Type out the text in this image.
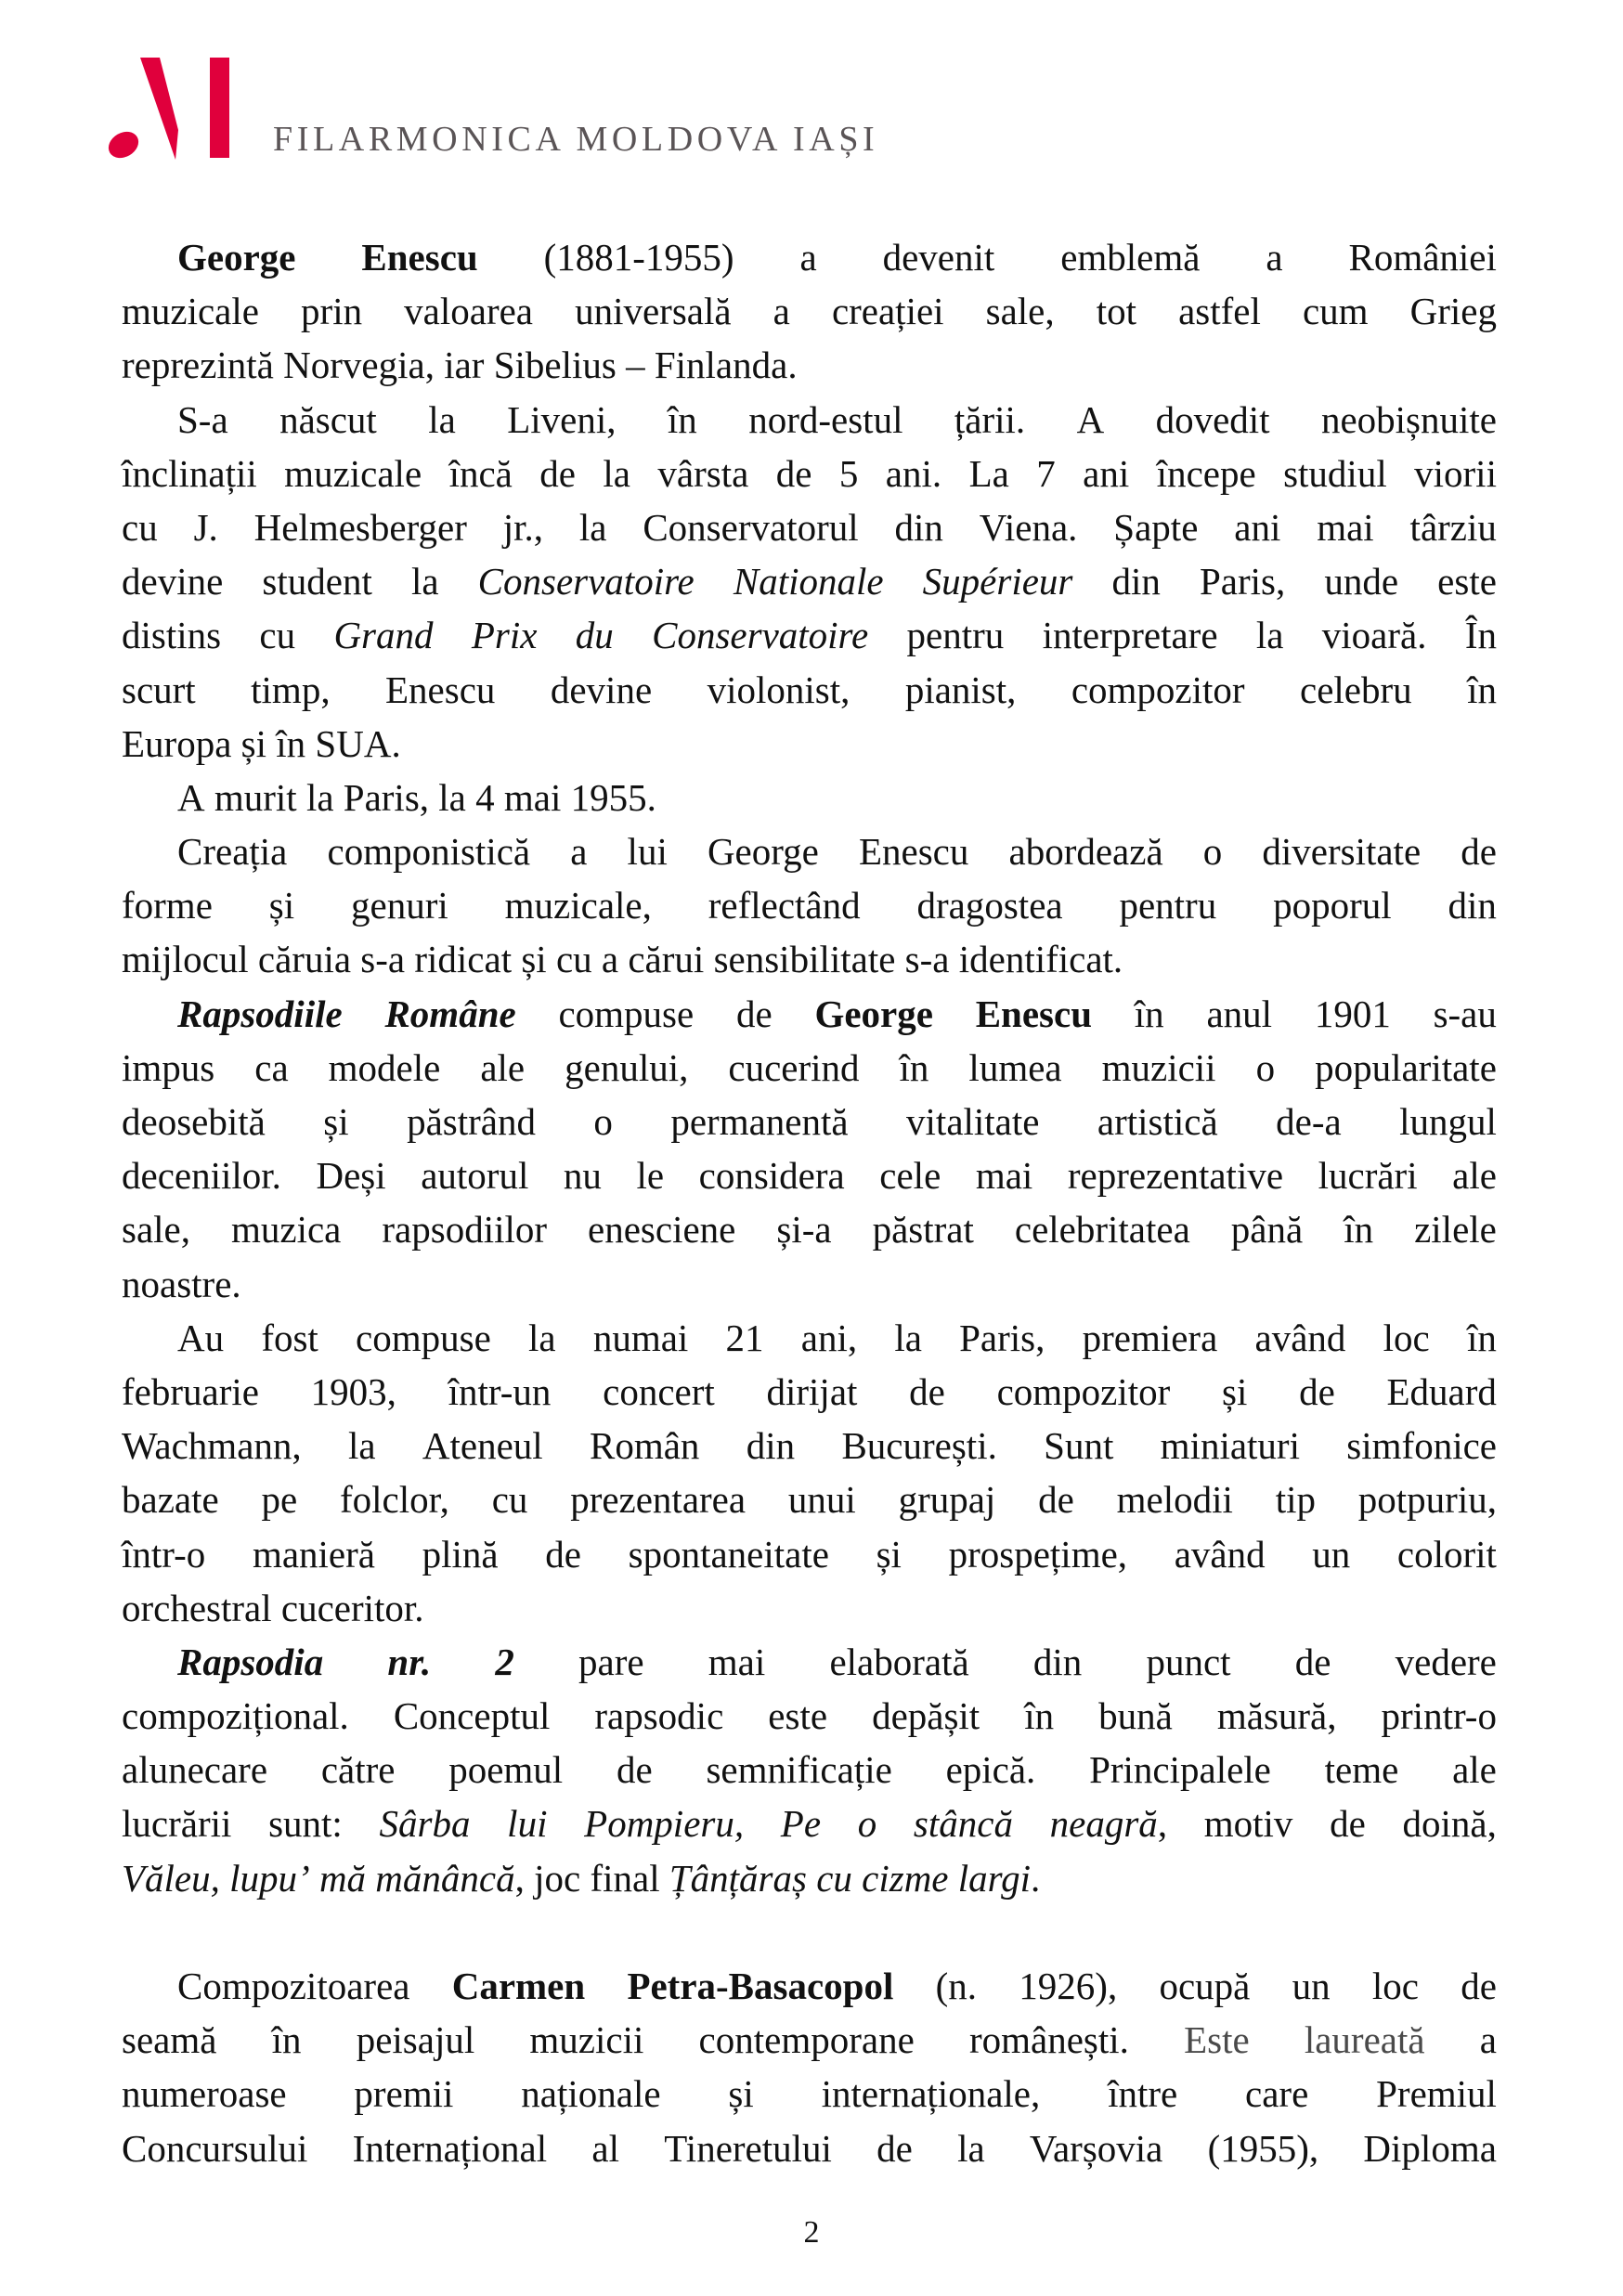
FILARMONICA MOLDOVA IAȘI
George Enescu (1881-1955) a devenit emblemă a României
muzicale prin valoarea universală a creației sale, tot astfel cum Grieg
reprezintă Norvegia, iar Sibelius – Finlanda.
S-a născut la Liveni, în nord-estul țării. A dovedit neobișnuite
înclinații muzicale încă de la vârsta de 5 ani. La 7 ani începe studiul viorii
cu J. Helmesberger jr., la Conservatorul din Viena. Șapte ani mai târziu
devine student la Conservatoire Nationale Supérieur din Paris, unde este
distins cu Grand Prix du Conservatoire pentru interpretare la vioară. În
scurt timp, Enescu devine violonist, pianist, compozitor celebru în
Europa și în SUA.
A murit la Paris, la 4 mai 1955.
Creația componistică a lui George Enescu abordează o diversitate de
forme și genuri muzicale, reflectând dragostea pentru poporul din
mijlocul căruia s-a ridicat și cu a cărui sensibilitate s-a identificat.
Rapsodiile Române compuse de George Enescu în anul 1901 s-au
impus ca modele ale genului, cucerind în lumea muzicii o popularitate
deosebită și păstrând o permanentă vitalitate artistică de-a lungul
deceniilor. Deși autorul nu le considera cele mai reprezentative lucrări ale
sale, muzica rapsodiilor enesciene și-a păstrat celebritatea până în zilele
noastre.
Au fost compuse la numai 21 ani, la Paris, premiera având loc în
februarie 1903, într-un concert dirijat de compozitor și de Eduard
Wachmann, la Ateneul Român din București. Sunt miniaturi simfonice
bazate pe folclor, cu prezentarea unui grupaj de melodii tip potpuriu,
într-o manieră plină de spontaneitate și prospețime, având un colorit
orchestral cuceritor.
Rapsodia nr. 2 pare mai elaborată din punct de vedere
compozițional. Conceptul rapsodic este depășit în bună măsură, printr-o
alunecare către poemul de semnificație epică. Principalele teme ale
lucrării sunt: Sârba lui Pompieru, Pe o stâncă neagră, motiv de doină,
Văleu, lupu’ mă mănâncă, joc final Țânțăraș cu cizme largi.
Compozitoarea Carmen Petra-Basacopol (n. 1926), ocupă un loc de
seamă în peisajul muzicii contemporane românești. Este laureată a
numeroase premii naționale și internaționale, între care Premiul
Concursului Internațional al Tineretului de la Varșovia (1955), Diploma
2
